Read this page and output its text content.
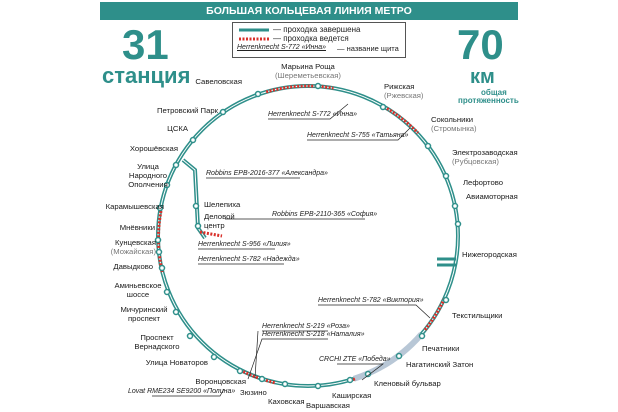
БОЛЬШАЯ КОЛЬЦЕВАЯ ЛИНИЯ МЕТРО
31
станция
70
км
общая
протяженность
— проходка завершена
— проходка ведется
Herrenknecht S-772 «Инна» — название щита
Савеловская
Марьина Роща
(Шереметьевская)
Рижская
(Ржевская)
Петровский Парк
ЦСКА
Сокольники
(Стромынка)
Хорошёвская	Электрозаводская
(Рубцовская)
Улица
Народного
Ополчения	Лефортово
Авиамоторная
Карамышевская	Шелепиха
Деловой
центр
Мнёвники
Кунцевская
(Можайская)
Давыдково
Нижегородская
Аминьевское
шоссе
Мичуринский
проспект	Текстильщики
Проспект
Вернадского	Печатники
Улица Новаторов	Нагатинский Затон
Воронцовская	Кленовый бульвар
Зюзино
Каховская Варшавская
Каширская
Herrenknecht S-772 «Инна»
Herrenknecht S-755 «Татьяна»
Robbins EPB-2016-377 «Александра»
Robbins EPB-2110-365 «София»
Herrenknecht S-956 «Лилия»
Herrenknecht S-782 «Надежда»
Herrenknecht S-782 «Виктория»
Herrenknecht S-219 «Роза»
Herrenknecht S-218 «Наталия»
CRCHI ZTE «Победа»
Lovat RME234 SE9200 «Полина»
